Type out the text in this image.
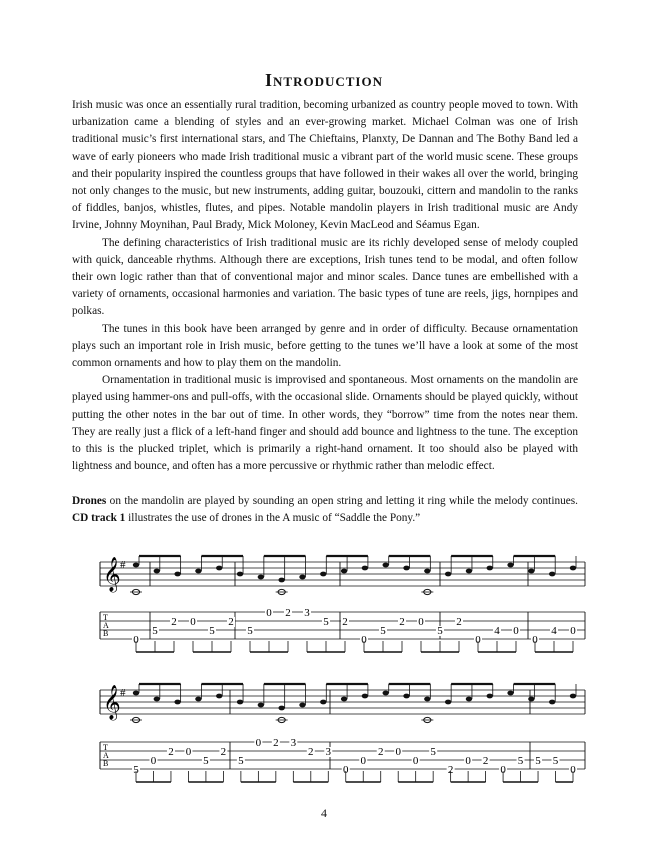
Introduction

Irish music was once an essentially rural tradition, becoming urbanized as country people moved to town. With urbanization came a blending of styles and an ever-growing market. Michael Colman was one of Irish traditional music’s first international stars, and The Chieftains, Planxty, De Dannan and The Bothy Band led a wave of early pioneers who made Irish traditional music a vibrant part of the world music scene. These groups and their popularity inspired the countless groups that have followed in their wakes all over the world, bringing not only changes to the music, but new instruments, adding guitar, bouzouki, cittern and mandolin to the ranks of fiddles, banjos, whistles, flutes, and pipes. Notable mandolin players in Irish traditional music are Andy Irvine, Johnny Moynihan, Paul Brady, Mick Moloney, Kevin MacLeod and Séamus Egan.

The defining characteristics of Irish traditional music are its richly developed sense of melody coupled with quick, danceable rhythms. Although there are exceptions, Irish tunes tend to be modal, and often follow their own logic rather than that of conventional major and minor scales. Dance tunes are embellished with a variety of ornaments, occasional harmonies and variation. The basic types of tune are reels, jigs, hornpipes and polkas.

The tunes in this book have been arranged by genre and in order of difficulty. Because ornamentation plays such an important role in Irish music, before getting to the tunes we’ll have a look at some of the most common ornaments and how to play them on the mandolin.

Ornamentation in traditional music is improvised and spontaneous. Most ornaments on the mandolin are played using hammer-ons and pull-offs, with the occasional slide. Ornaments should be played quickly, without putting the other notes in the bar out of time. In other words, they “borrow” time from the notes near them. They are really just a flick of a left-hand finger and should add bounce and lightness to the tune. The exception to this is the plucked triplet, which is primarily a right-hand ornament. It too should also be played with lightness and bounce, and often has a more percussive or rhythmic rather than melodic effect.

Drones on the mandolin are played by sounding an open string and letting it ring while the melody continues. CD track 1 illustrates the use of drones in the A music of “Saddle the Pony.”
𝄞 #
T
A
B
0
5
2 0
5
2
5
0 2 3
5 2
0
5
2 0
5
2
0
4 0
0
4 0
𝄞 #
T
A
B
5
0
2 0
5
2
5
0 2 3
2 3
0
0
2 0
0
5
2
0 2
0
5 5 5
0
4
